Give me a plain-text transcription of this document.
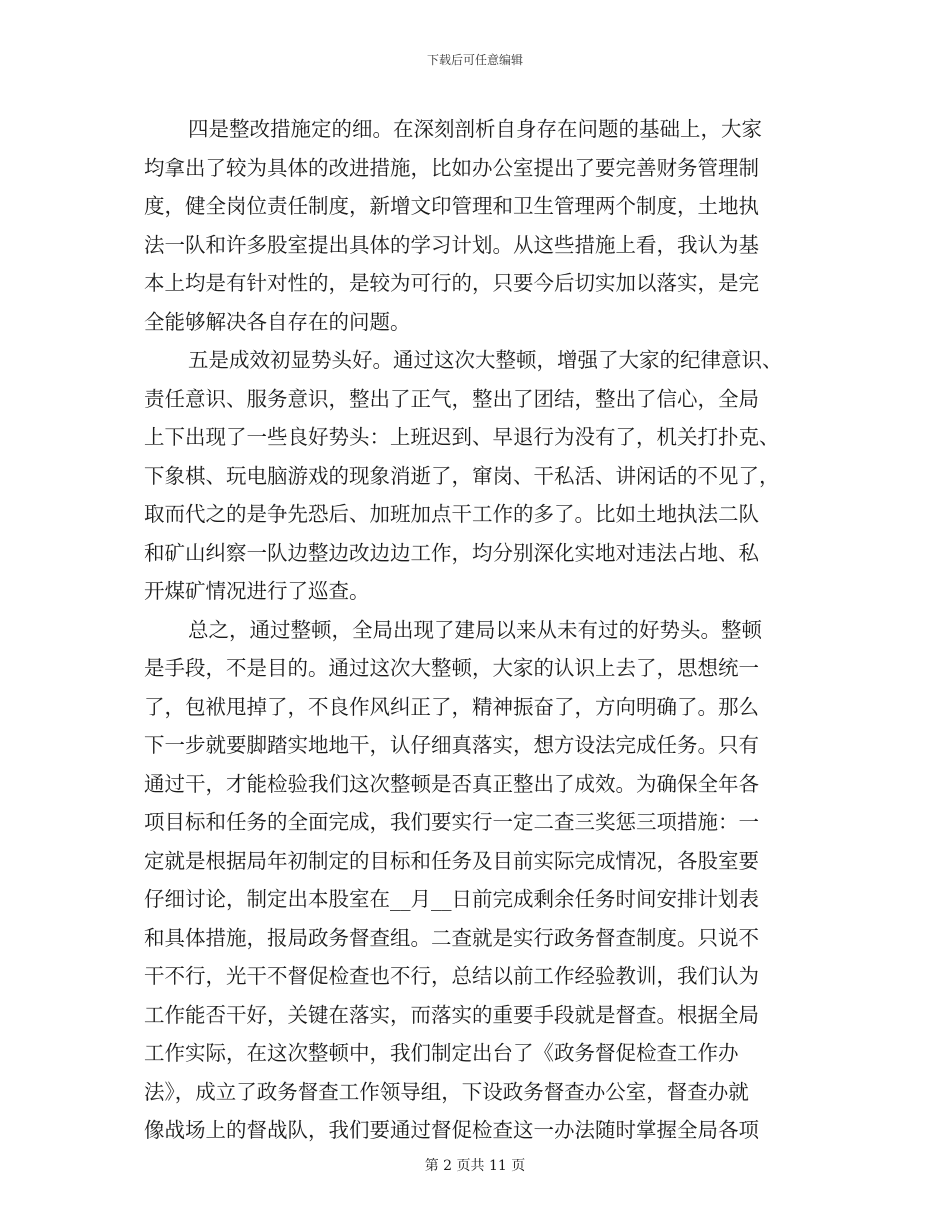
下载后可任意编辑
四是整改措施定的细。在深刻剖析自身存在问题的基础上，大家
均拿出了较为具体的改进措施，比如办公室提出了要完善财务管理制
度，健全岗位责任制度，新增文印管理和卫生管理两个制度，土地执
法一队和许多股室提出具体的学习计划。从这些措施上看，我认为基
本上均是有针对性的，是较为可行的，只要今后切实加以落实，是完
全能够解决各自存在的问题。
五是成效初显势头好。通过这次大整顿，增强了大家的纪律意识、
责任意识、服务意识，整出了正气，整出了团结，整出了信心，全局
上下出现了一些良好势头：上班迟到、早退行为没有了，机关打扑克、
下象棋、玩电脑游戏的现象消逝了，窜岗、干私活、讲闲话的不见了，
取而代之的是争先恐后、加班加点干工作的多了。比如土地执法二队
和矿山纠察一队边整边改边边工作，均分别深化实地对违法占地、私
开煤矿情况进行了巡查。
总之，通过整顿，全局出现了建局以来从未有过的好势头。整顿
是手段，不是目的。通过这次大整顿，大家的认识上去了，思想统一
了，包袱甩掉了，不良作风纠正了，精神振奋了，方向明确了。那么
下一步就要脚踏实地地干，认仔细真落实，想方设法完成任务。只有
通过干，才能检验我们这次整顿是否真正整出了成效。为确保全年各
项目标和任务的全面完成，我们要实行一定二查三奖惩三项措施：一
定就是根据局年初制定的目标和任务及目前实际完成情况，各股室要
仔细讨论，制定出本股室在__月__日前完成剩余任务时间安排计划表
和具体措施，报局政务督查组。二查就是实行政务督查制度。只说不
干不行，光干不督促检查也不行，总结以前工作经验教训，我们认为
工作能否干好，关键在落实，而落实的重要手段就是督查。根据全局
工作实际，在这次整顿中，我们制定出台了《政务督促检查工作办
法》，成立了政务督查工作领导组，下设政务督查办公室，督查办就
像战场上的督战队，我们要通过督促检查这一办法随时掌握全局各项
第 2 页共 11 页
